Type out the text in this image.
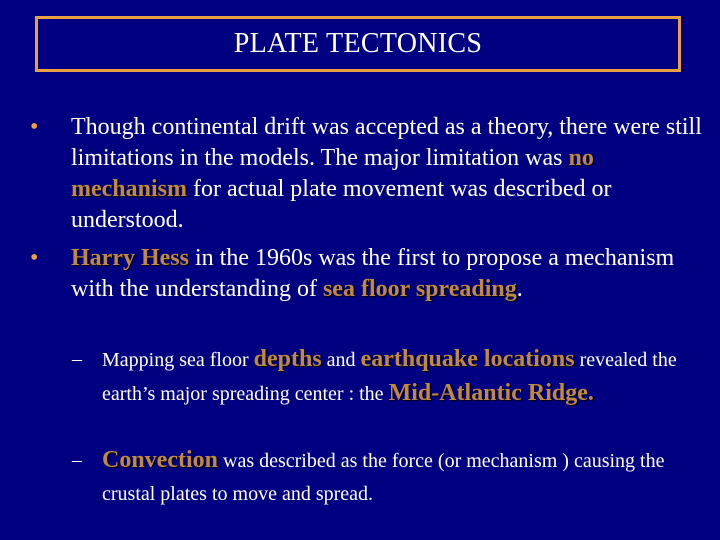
PLATE TECTONICS
•	Though continental drift was accepted as a theory, there were still limitations in the models. The major limitation was no mechanism for actual plate movement was described or understood.
•	Harry Hess in the 1960s was the first to propose a mechanism with the understanding of sea floor spreading.
–	Mapping sea floor depths and earthquake locations revealed the earth’s major spreading center : the Mid-Atlantic Ridge.
– Convection was described as the force (or mechanism ) causing the crustal plates to move and spread.
